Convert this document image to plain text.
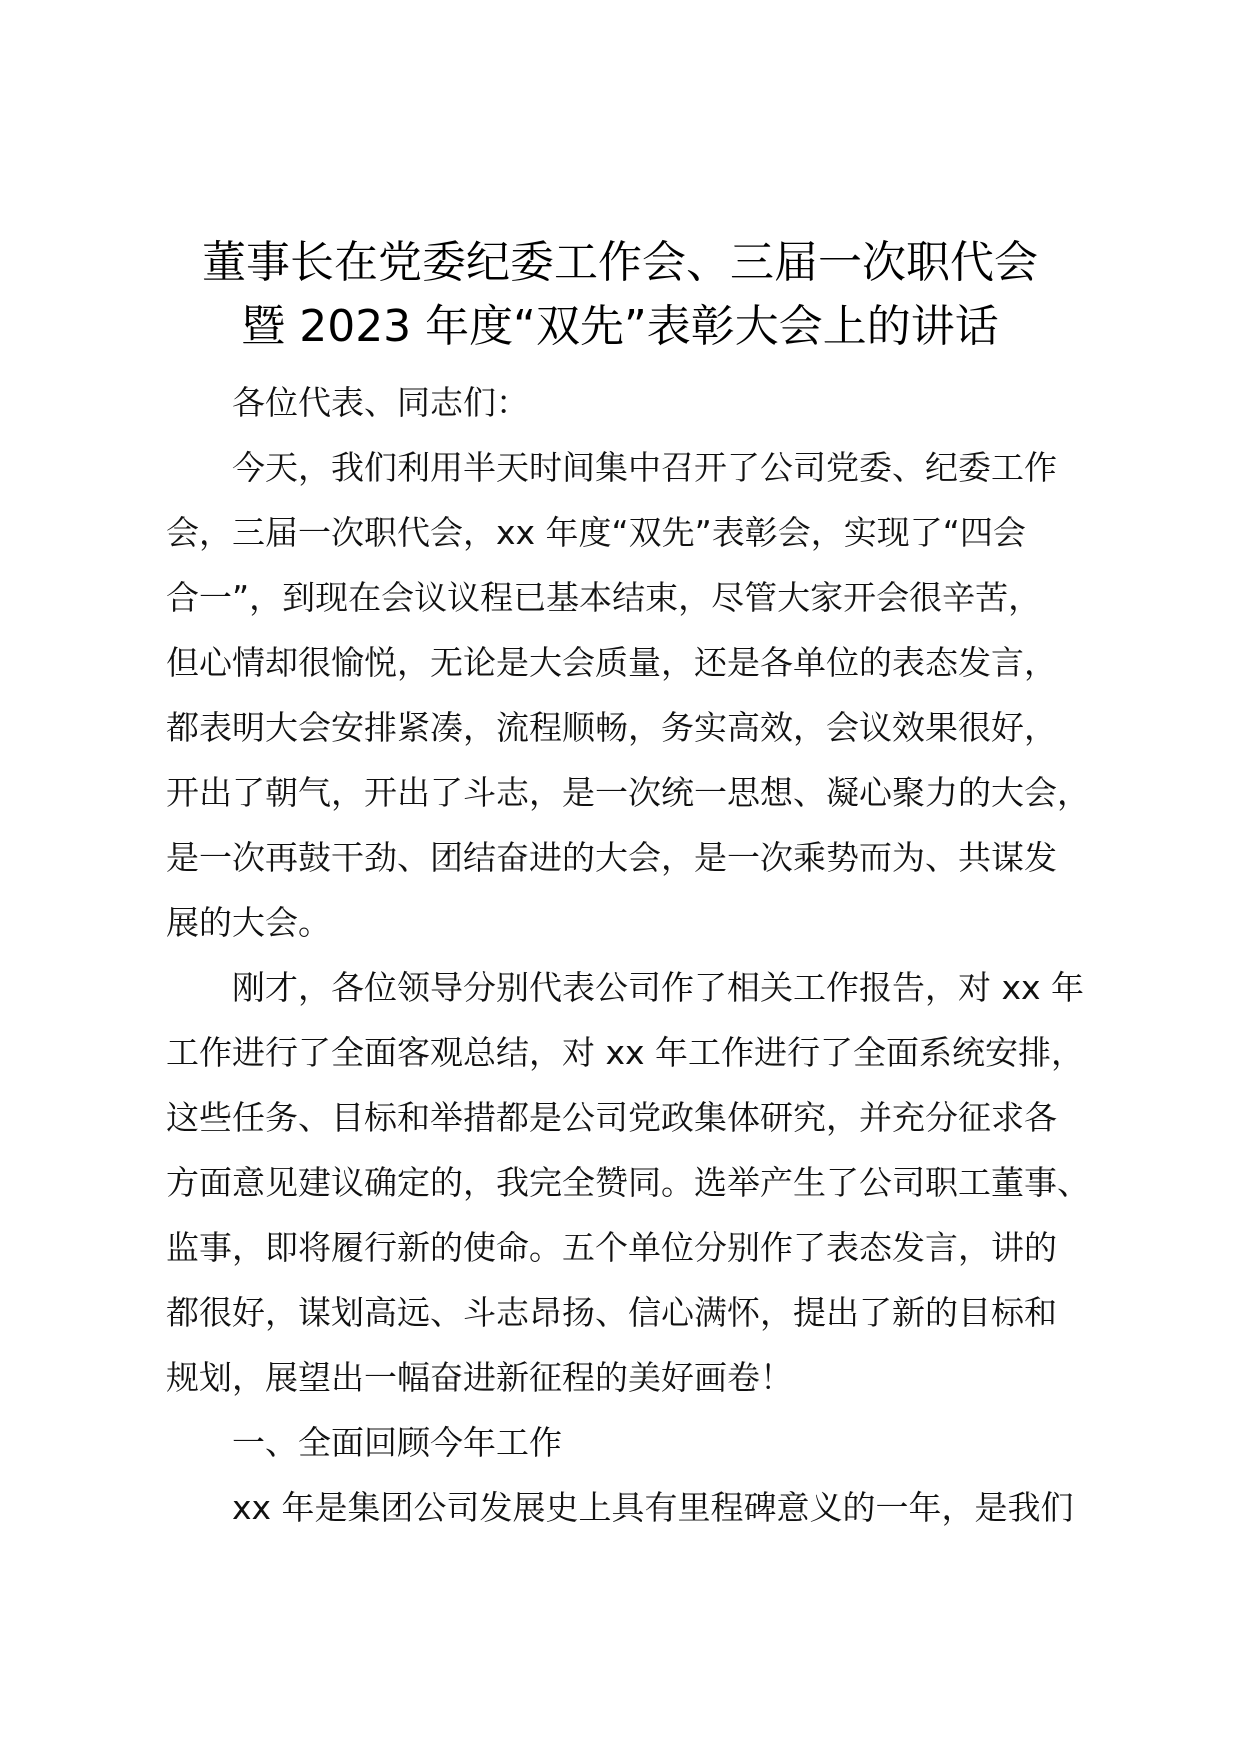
董事长在党委纪委工作会、三届一次职代会
暨 2023 年度“双先”表彰大会上的讲话
各位代表、同志们：
今天，我们利用半天时间集中召开了公司党委、纪委工作
会，三届一次职代会，xx 年度“双先”表彰会，实现了“四会
合一”，到现在会议议程已基本结束，尽管大家开会很辛苦，
但心情却很愉悦，无论是大会质量，还是各单位的表态发言，
都表明大会安排紧凑，流程顺畅，务实高效，会议效果很好，
开出了朝气，开出了斗志，是一次统一思想、凝心聚力的大会，
是一次再鼓干劲、团结奋进的大会，是一次乘势而为、共谋发
展的大会。
刚才，各位领导分别代表公司作了相关工作报告，对 xx 年
工作进行了全面客观总结，对 xx 年工作进行了全面系统安排，
这些任务、目标和举措都是公司党政集体研究，并充分征求各
方面意见建议确定的，我完全赞同。选举产生了公司职工董事、
监事，即将履行新的使命。五个单位分别作了表态发言，讲的
都很好，谋划高远、斗志昂扬、信心满怀，提出了新的目标和
规划，展望出一幅奋进新征程的美好画卷！
一、全面回顾今年工作
xx 年是集团公司发展史上具有里程碑意义的一年，是我们
